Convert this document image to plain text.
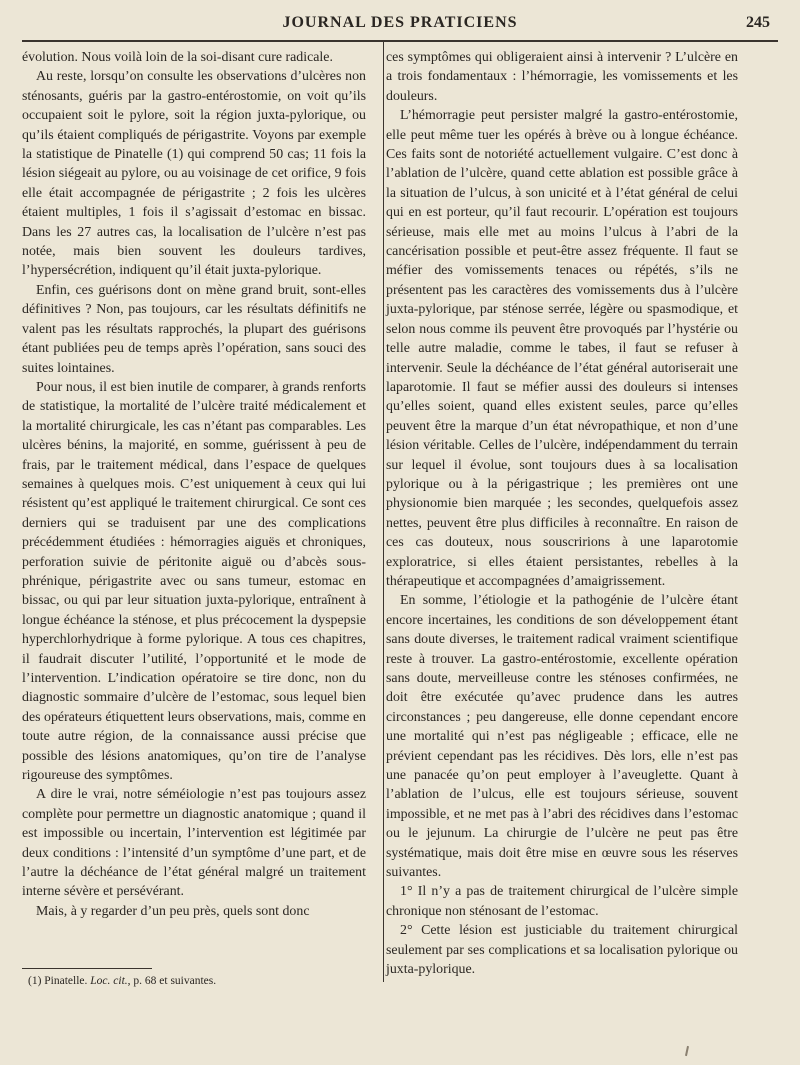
JOURNAL DES PRATICIENS	245

évolution. Nous voilà loin de la soi-disant cure radicale.

Au reste, lorsqu’on consulte les observations d’ulcères non sténosants, guéris par la gastro-entérostomie, on voit qu’ils occupaient soit le pylore, soit la région juxta-pylorique, ou qu’ils étaient compliqués de périgastrite. Voyons par exemple la statistique de Pinatelle (1) qui comprend 50 cas; 11 fois la lésion siégeait au pylore, ou au voisinage de cet orifice, 9 fois elle était accompagnée de périgastrite ; 2 fois les ulcères étaient multiples, 1 fois il s’agissait d’estomac en bissac. Dans les 27 autres cas, la localisation de l’ulcère n’est pas notée, mais bien souvent les douleurs tardives, l’hypersécrétion, indiquent qu’il était juxta-pylorique.

Enfin, ces guérisons dont on mène grand bruit, sont-elles définitives ? Non, pas toujours, car les résultats définitifs ne valent pas les résultats rapprochés, la plupart des guérisons étant publiées peu de temps après l’opération, sans souci des suites lointaines.

Pour nous, il est bien inutile de comparer, à grands renforts de statistique, la mortalité de l’ulcère traité médicalement et la mortalité chirurgicale, les cas n’étant pas comparables. Les ulcères bénins, la majorité, en somme, guérissent à peu de frais, par le traitement médical, dans l’espace de quelques semaines à quelques mois. C’est uniquement à ceux qui lui résistent qu’est appliqué le traitement chirurgical. Ce sont ces derniers qui se traduisent par une des complications précédemment étudiées : hémorragies aiguës et chroniques, perforation suivie de péritonite aiguë ou d’abcès sous-phrénique, périgastrite avec ou sans tumeur, estomac en bissac, ou qui par leur situation juxta-pylorique, entraînent à longue échéance la sténose, et plus précocement la dyspepsie hyperchlorhydrique à forme pylorique. A tous ces chapitres, il faudrait discuter l’utilité, l’opportunité et le mode de l’intervention. L’indication opératoire se tire donc, non du diagnostic sommaire d’ulcère de l’estomac, sous lequel bien des opérateurs étiquettent leurs observations, mais, comme en toute autre région, de la connaissance aussi précise que possible des lésions anatomiques, qu’on tire de l’analyse rigoureuse des symptômes.

A dire le vrai, notre séméiologie n’est pas toujours assez complète pour permettre un diagnostic anatomique ; quand il est impossible ou incertain, l’intervention est légitimée par deux conditions : l’intensité d’un symptôme d’une part, et de l’autre la déchéance de l’état général malgré un traitement interne sévère et persévérant.

Mais, à y regarder d’un peu près, quels sont donc

ces symptômes qui obligeraient ainsi à intervenir ? L’ulcère en a trois fondamentaux : l’hémorragie, les vomissements et les douleurs.

L’hémorragie peut persister malgré la gastro-entérostomie, elle peut même tuer les opérés à brève ou à longue échéance. Ces faits sont de notoriété actuellement vulgaire. C’est donc à l’ablation de l’ulcère, quand cette ablation est possible grâce à la situation de l’ulcus, à son unicité et à l’état général de celui qui en est porteur, qu’il faut recourir. L’opération est toujours sérieuse, mais elle met au moins l’ulcus à l’abri de la cancérisation possible et peut-être assez fréquente. Il faut se méfier des vomissements tenaces ou répétés, s’ils ne présentent pas les caractères des vomissements dus à l’ulcère juxta-pylorique, par sténose serrée, légère ou spasmodique, et selon nous comme ils peuvent être provoqués par l’hystérie ou telle autre maladie, comme le tabes, il faut se refuser à intervenir. Seule la déchéance de l’état général autoriserait une laparotomie. Il faut se méfier aussi des douleurs si intenses qu’elles soient, quand elles existent seules, parce qu’elles peuvent être la marque d’un état névropathique, et non d’une lésion véritable. Celles de l’ulcère, indépendamment du terrain sur lequel il évolue, sont toujours dues à sa localisation pylorique ou à la périgastrique ; les premières ont une physionomie bien marquée ; les secondes, quelquefois assez nettes, peuvent être plus difficiles à reconnaître. En raison de ces cas douteux, nous souscririons à une laparotomie exploratrice, si elles étaient persistantes, rebelles à la thérapeutique et accompagnées d’amaigrissement.

En somme, l’étiologie et la pathogénie de l’ulcère étant encore incertaines, les conditions de son développement étant sans doute diverses, le traitement radical vraiment scientifique reste à trouver. La gastro-entérostomie, excellente opération sans doute, merveilleuse contre les sténoses confirmées, ne doit être exécutée qu’avec prudence dans les autres circonstances ; peu dangereuse, elle donne cependant encore une mortalité qui n’est pas négligeable ; efficace, elle ne prévient cependant pas les récidives. Dès lors, elle n’est pas une panacée qu’on peut employer à l’aveuglette. Quant à l’ablation de l’ulcus, elle est toujours sérieuse, souvent impossible, et ne met pas à l’abri des récidives dans l’estomac ou le jejunum. La chirurgie de l’ulcère ne peut pas être systématique, mais doit être mise en œuvre sous les réserves suivantes.

1° Il n’y a pas de traitement chirurgical de l’ulcère simple chronique non sténosant de l’estomac.

2° Cette lésion est justiciable du traitement chirurgical seulement par ses complications et sa localisation pylorique ou juxta-pylorique.

(1) Pinatelle. Loc. cit., p. 68 et suivantes.
